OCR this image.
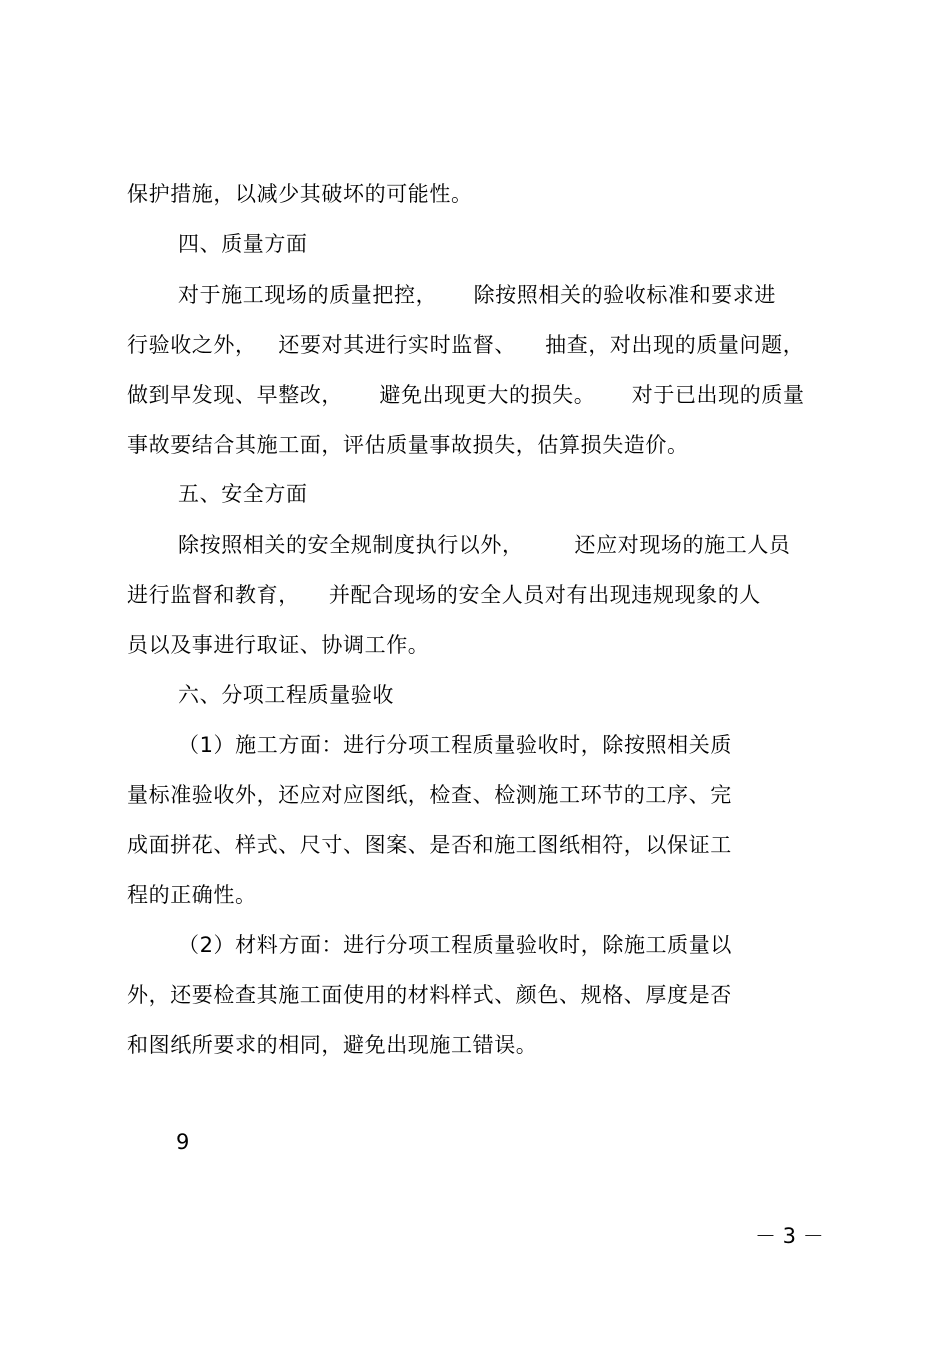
保护措施，以减少其破坏的可能性。
四、质量方面
对于施工现场的质量把控，     除按照相关的验收标准和要求进
行验收之外，   还要对其进行实时监督、    抽查，对出现的质量问题，
做到早发现、早整改，     避免出现更大的损失。     对于已出现的质量
事故要结合其施工面，评估质量事故损失，估算损失造价。
五、安全方面
除按照相关的安全规制度执行以外，       还应对现场的施工人员
进行监督和教育，    并配合现场的安全人员对有出现违规现象的人
员以及事进行取证、协调工作。
六、分项工程质量验收
（1）施工方面：进行分项工程质量验收时，除按照相关质
量标准验收外，还应对应图纸，检查、检测施工环节的工序、完
成面拼花、样式、尺寸、图案、是否和施工图纸相符，以保证工
程的正确性。
（2）材料方面：进行分项工程质量验收时，除施工质量以
外，还要检查其施工面使用的材料样式、颜色、规格、厚度是否
和图纸所要求的相同，避免出现施工错误。
9
－ 3 －
